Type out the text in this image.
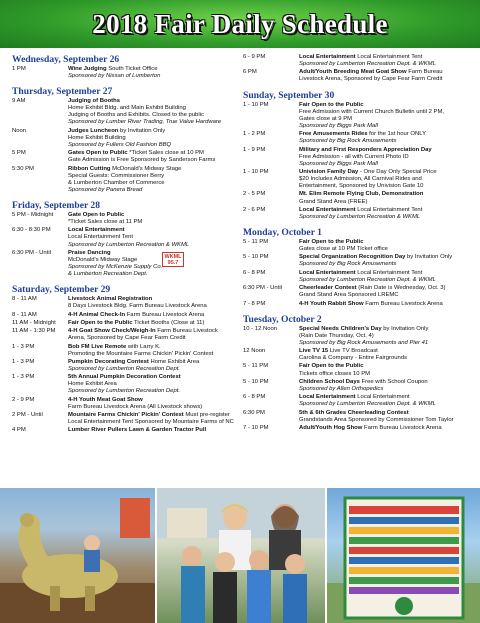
2018 Fair Daily Schedule
Wednesday, September 26
1 PM	Wine Judging South Ticket Office
Sponsored by Nissan of Lumberton
Thursday, September 27
9 AM	Judging of Booths
Home Exhibit Bldg. and Main Exhibit Building
Judging of Booths and Exhibits. Closed to the public
Sponsored by Lumber River Trading, True Value Hardware
Noon	Judges Luncheon by Invitation Only
Home Exhibit Building
Sponsored by Fullers Old Fashion BBQ
5 PM	Gates Open to Public *Ticket Sales close at 10 PM
Gate Admission is Free Sponsored by Sanderson Farms
5:30 PM	Ribbon Cutting McDonald's Midway Stage
Special Guests: Commissioner Berry
& Lumberton Chamber of Commerce
Sponsored by Panera Bread
Friday, September 28
5 PM - Midnight	Gate Open to Public
*Ticket Sales close at 11 PM
6:30 - 8:30 PM	Local Entertainment
Local Entertainment Tent
Sponsored by Lumberton Recreation & WKML
6:30 PM - Until	Praise Dancing
McDonald's Midway Stage
Sponsored by McKenzie Supply Co.
& Lumberton Recreation Dept.
Saturday, September 29
8 - 11 AM	Livestock Animal Registration
8 Days Livestock Bldg. Farm Bureau Livestock Arena
8 - 11 AM	4-H Animal Check-In Farm Bureau Livestock Arena
11 AM - Midnight	Fair Open to the Public Ticket Booths (Close at 11)
11 AM - 1:30 PM	4-H Goat Show Check/Weigh-In Farm Bureau Livestock
Arena, Sponsored by Cape Fear Farm Credit
1 - 3 PM	Bob FM Live Remote with Larry K.
Promoting the Mountaire Farms Chickin' Pickin' Contest
1 - 3 PM	Pumpkin Decorating Contest Home Exhibit Area
Sponsored by Lumberton Recreation Dept.
1 - 3 PM	5th Annual Pumpkin Decoration Contest
Home Exhibit Area
Sponsored by Lumberton Recreation Dept.
2 - 9 PM	4-H Youth Meat Goat Show
Farm Bureau Livestock Arena (All Livestock shows)
2 PM - Until	Mountaire Farms Chickin' Pickin' Contest Must pre-register
Local Entertainment Tent Sponsored by Mountaire Farms of NC
4 PM	Lumber River Pullers Lawn & Garden Tractor Pull
6 - 9 PM	Local Entertainment Local Entertainment Tent
Sponsored by Lumberton Recreation Dept. & WKML
6 PM	Adult/Youth Breeding Meat Goat Show Farm Bureau
Livestock Arena, Sponsored by Cape Fear Farm Credit
Sunday, September 30
1 - 10 PM	Fair Open to the Public
Free Admission with Current Church Bulletin until 2 PM,
Gates close at 9 PM
Sponsored by Biggs Park Mall
1 - 2 PM	Free Amusements Rides for the 1st hour ONLY
Sponsored by Big Rock Amusements
1 - 9 PM	Military and First Responders Appreciation Day
Free Admission - all with Current Photo ID
Sponsored by Biggs Park Mall
1 - 10 PM	Univision Family Day - One Day Only Special Price
$20 Includes Admission, All Carnival Rides and
Entertainment, Sponsored by Univision Gate 10
2 - 5 PM	Mt. Elim Remote Flying Club, Demonstration
Grand Stand Area (FREE)
2 - 6 PM	Local Entertainment Local Entertainment Tent
Sponsored by Lumberton Recreation & WKML
Monday, October 1
5 - 11 PM	Fair Open to the Public
Gates close at 10 PM Ticket office
5 - 10 PM	Special Organization Recognition Day by Invitation Only
Sponsored by Big Rock Amusements
6 - 8 PM	Local Entertainment Local Entertainment Tent
Sponsored by Lumberton Recreation Dept. & WKML
6:30 PM - Until	Cheerleader Contest (Rain Date is Wednesday, Oct. 3)
Grand Stand Area Sponsored LREMC
7 - 8 PM	4-H Youth Rabbit Show Farm Bureau Livestock Arena
Tuesday, October 2
10 - 12 Noon	Special Needs Children's Day by Invitation Only
(Rain Date Thursday, Oct. 4)
Sponsored by Big Rock Amusements and Pier 41
12 Noon	Live TV 15 Live TV Broadcast
Carolina & Company - Entire Fairgrounds
5 - 11 PM	Fair Open to the Public
Tickets office closes 10 PM
5 - 10 PM	Children School Days Free with School Coupon
Sponsored by Allen Orthopedics
6 - 8 PM	Local Entertainment Local Entertainment
Sponsored by Lumberton Recreation Dept. & WKML
6:30 PM	5th & 6th Grades Cheerleading Contest
Grandstands Area Sponsored by Commissioner Tom Taylor
7 - 10 PM	Adult/Youth Hog Show Farm Bureau Livestock Arena
WKML 95.7
